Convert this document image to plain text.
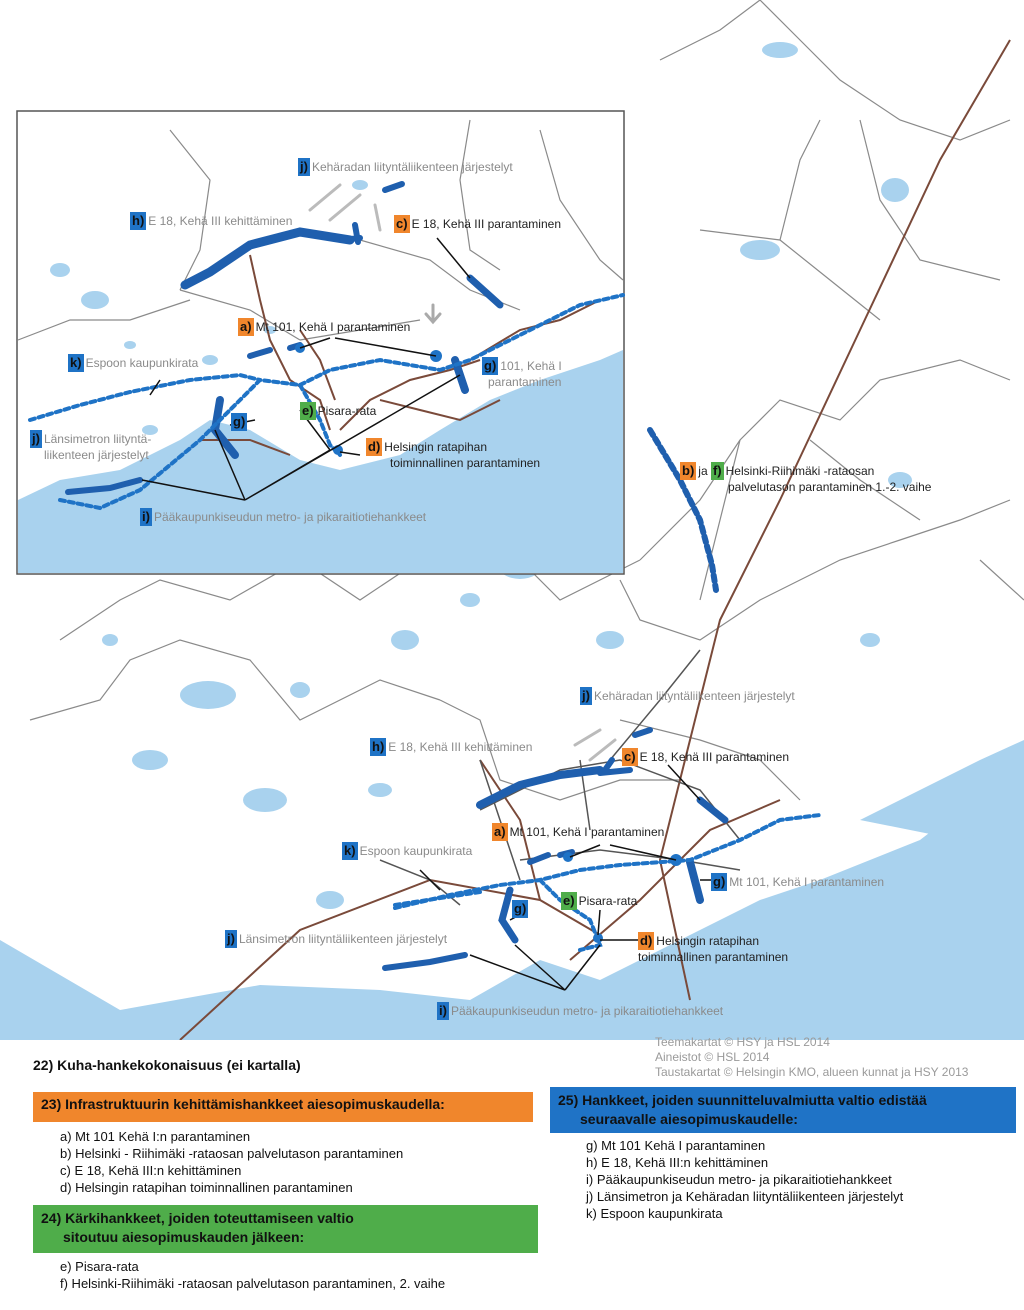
j) Kehäradan liityntäliikenteen järjestelyt
h) E 18, Kehä III kehittäminen	c) E 18, Kehä III parantaminen
a) Mt 101, Kehä I parantaminen
k) Espoon kaupunkirata	g) 101, Kehä I
parantaminen
g)
e) Pisara-rata
j) Länsimetron liityntä-
liikenteen järjestelyt
d) Helsingin ratapihan
toiminnallinen parantaminen
i) Pääkaupunkiseudun metro- ja pikaraitiotiehankkeet
b) ja f) Helsinki-Riihimäki -rataosan
palvelutason parantaminen 1.-2. vaihe
j) Kehäradan liityntäliikenteen järjestelyt
h) E 18, Kehä III kehittäminen
c) E 18, Kehä III parantaminen
a) Mt 101, Kehä I parantaminen
k) Espoon kaupunkirata
g) Mt 101, Kehä I parantaminen
g)
e) Pisara-rata
j) Länsimetron liityntäliikenteen järjestelyt	d) Helsingin ratapihan
toiminnallinen parantaminen
i) Pääkaupunkiseudun metro- ja pikaraitiotiehankkeet
Teemakartat © HSY ja HSL 2014
Aineistot © HSL 2014
Taustakartat © Helsingin KMO, alueen kunnat ja HSY 2013
22) Kuha-hankekokonaisuus (ei kartalla)
23) Infrastruktuurin kehittämishankkeet aiesopimuskaudella:
a) Mt 101 Kehä I:n parantaminen
b) Helsinki - Riihimäki -rataosan palvelutason parantaminen
c) E 18, Kehä III:n kehittäminen
d) Helsingin ratapihan toiminnallinen parantaminen
24) Kärkihankkeet, joiden toteuttamiseen valtio
sitoutuu aiesopimuskauden jälkeen:
e) Pisara-rata
f) Helsinki-Riihimäki -rataosan palvelutason parantaminen, 2. vaihe
25) Hankkeet, joiden suunnitteluvalmiutta valtio edistää
seuraavalle aiesopimuskaudelle:
g) Mt 101 Kehä I parantaminen
h) E 18, Kehä III:n kehittäminen
i) Pääkaupunkiseudun metro- ja pikaraitiotiehankkeet
j) Länsimetron ja Kehäradan liityntäliikenteen järjestelyt
k) Espoon kaupunkirata
